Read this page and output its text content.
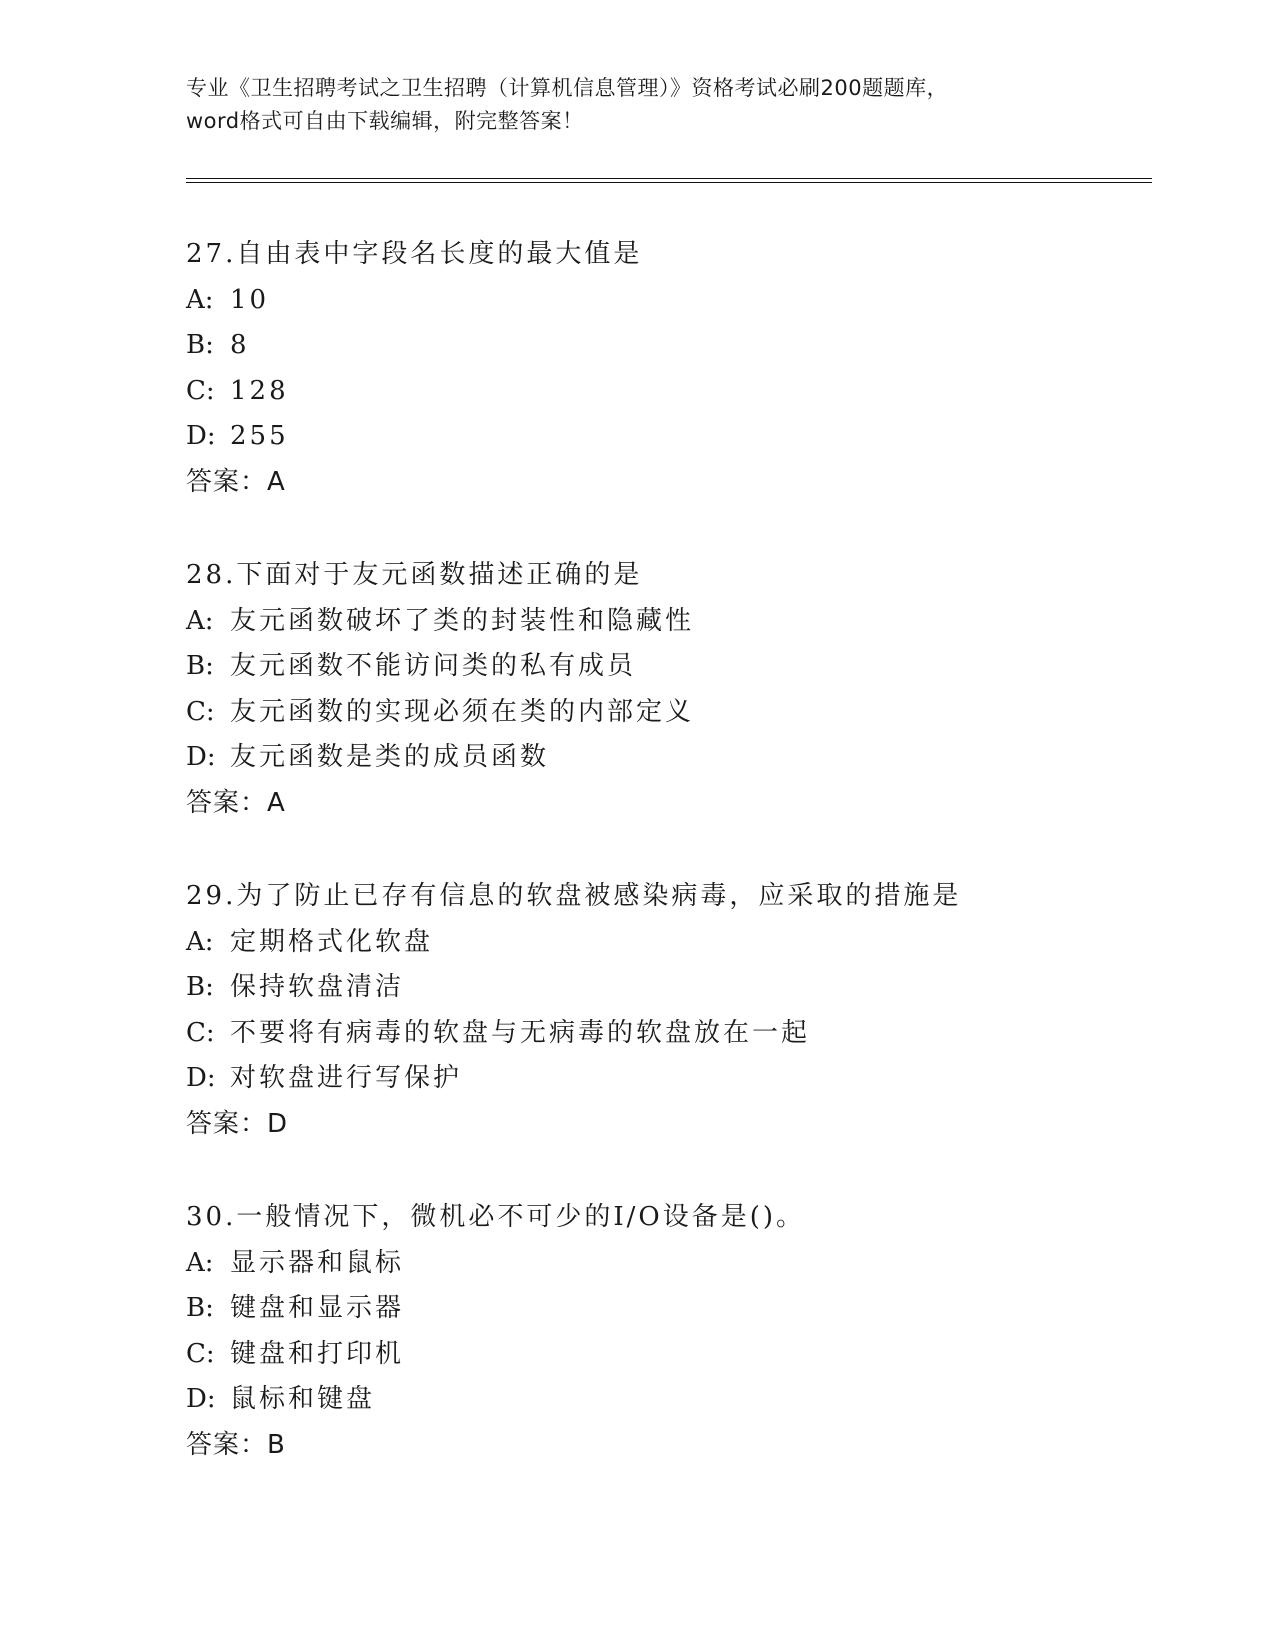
专业《卫生招聘考试之卫生招聘（计算机信息管理）》资格考试必刷200题题库，
word格式可自由下载编辑，附完整答案！
27.自由表中字段名长度的最大值是
A: 10
B: 8
C: 128
D: 255
答案：A
28.下面对于友元函数描述正确的是
A: 友元函数破坏了类的封装性和隐藏性
B: 友元函数不能访问类的私有成员
C: 友元函数的实现必须在类的内部定义
D: 友元函数是类的成员函数
答案：A
29.为了防止已存有信息的软盘被感染病毒，应采取的措施是
A: 定期格式化软盘
B: 保持软盘清洁
C: 不要将有病毒的软盘与无病毒的软盘放在一起
D: 对软盘进行写保护
答案：D
30.一般情况下，微机必不可少的I/O设备是()。
A: 显示器和鼠标
B: 键盘和显示器
C: 键盘和打印机
D: 鼠标和键盘
答案：B
